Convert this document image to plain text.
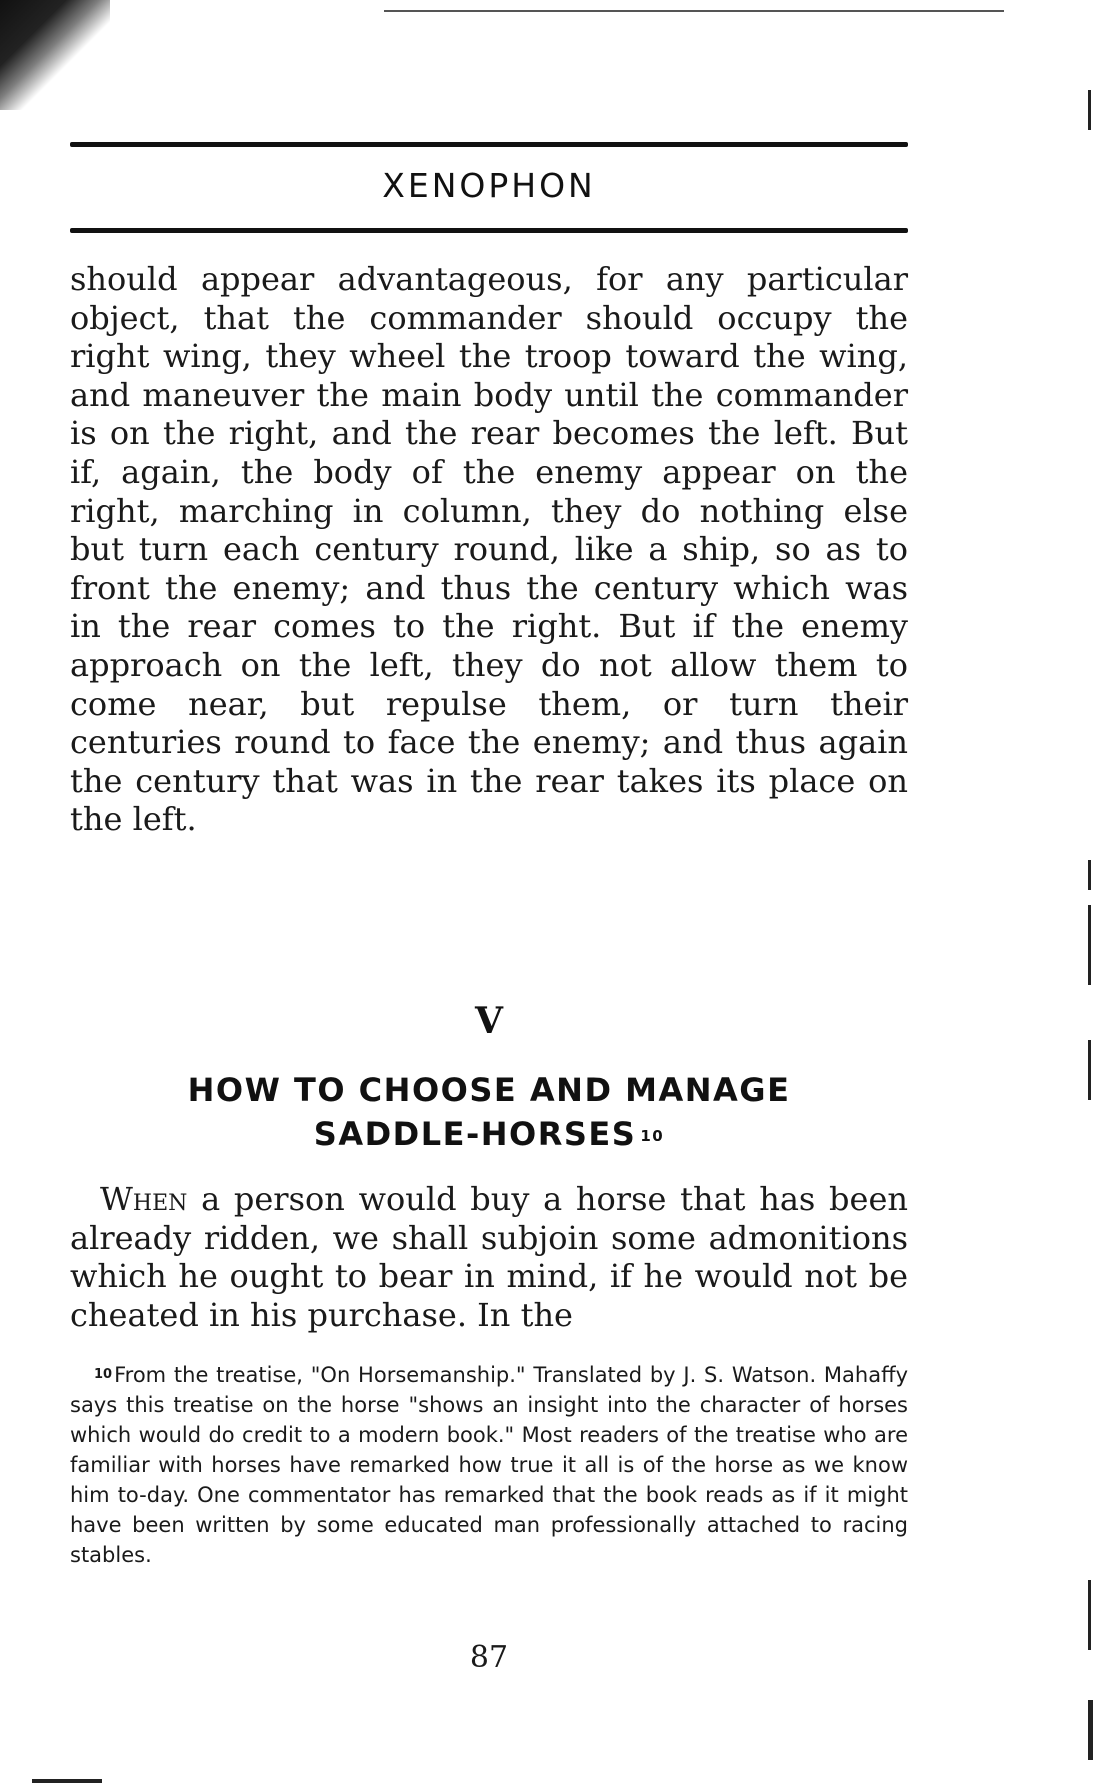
XENOPHON
should appear advantageous, for any particular object, that the commander should occupy the right wing, they wheel the troop toward the wing, and maneuver the main body until the commander is on the right, and the rear becomes the left. But if, again, the body of the enemy appear on the right, marching in column, they do nothing else but turn each century round, like a ship, so as to front the enemy; and thus the century which was in the rear comes to the right. But if the enemy approach on the left, they do not allow them to come near, but repulse them, or turn their centuries round to face the enemy; and thus again the century that was in the rear takes its place on the left.
V
HOW TO CHOOSE AND MANAGE
SADDLE-HORSES $^{10}$
When a person would buy a horse that has been already ridden, we shall subjoin some admonitions which he ought to bear in mind, if he would not be cheated in his purchase. In the
$^{10}$From the treatise, "On Horsemanship." Translated by J. S. Watson. Mahaffy says this treatise on the horse "shows an insight into the character of horses which would do credit to a modern book." Most readers of the treatise who are familiar with horses have remarked how true it all is of the horse as we know him to-day. One commentator has remarked that the book reads as if it might have been written by some educated man professionally attached to racing stables.
87
